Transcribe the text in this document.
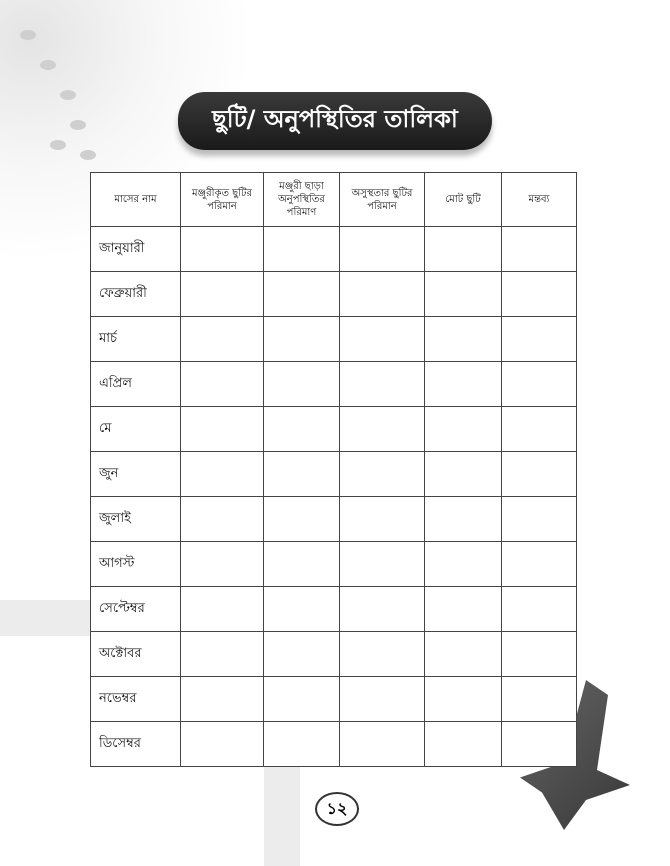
ছুটি/ অনুপস্থিতির তালিকা
মাসের নাম	মঞ্জুরীকৃত ছুটির পরিমান	মঞ্জুরী ছাড়া অনুপস্থিতির পরিমাণ	অসুস্থতার ছুটির পরিমান	মোট ছুটি	মন্তব্য
জানুয়ারী					
ফেব্রুয়ারী					
মার্চ					
এপ্রিল					
মে					
জুন					
জুলাই					
আগস্ট					
সেপ্টেম্বর					
অক্টোবর					
নভেম্বর					
ডিসেম্বর					
১২
